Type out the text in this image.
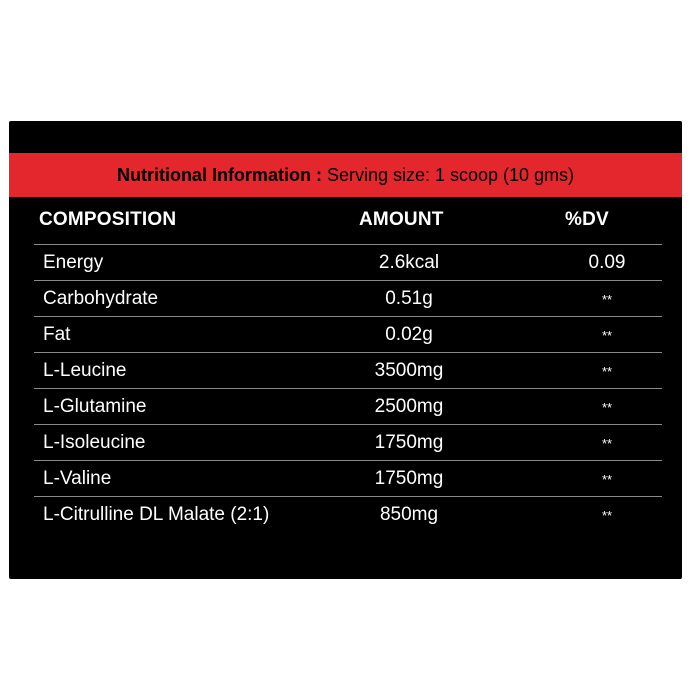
Nutritional Information : Serving size: 1 scoop (10 gms)
COMPOSITION	AMOUNT	%DV
Energy	2.6kcal	0.09
Carbohydrate	0.51g	**
Fat	0.02g	**
L-Leucine	3500mg	**
L-Glutamine	2500mg	**
L-Isoleucine	1750mg	**
L-Valine	1750mg	**
L-Citrulline DL Malate (2:1)	850mg	**
